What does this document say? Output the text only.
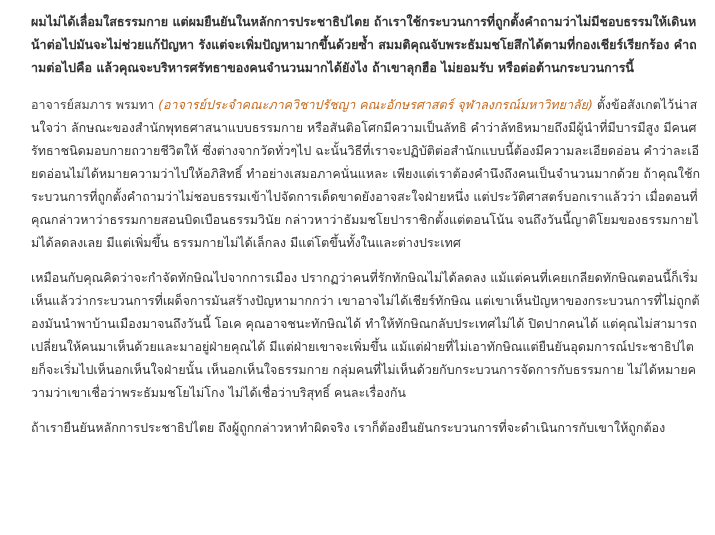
ผมไม่ได้เลื่อมใสธรรมกาย แต่ผมยืนยันในหลักการประชาธิปไตย ถ้าเราใช้กระบวนการที่ถูกตั้งคำถามว่าไม่มีชอบธรรมให้เดินหน้าต่อไปมันจะไม่ช่วยแก้ปัญหา รังแต่จะเพิ่มปัญหามากขึ้นด้วยซ้ำ สมมติคุณจับพระธัมมชโยสึกได้ตามที่กองเชียร์เรียกร้อง คำถามต่อไปคือ แล้วคุณจะบริหารศรัทธาของคนจำนวนมากได้ยังไง ถ้าเขาลุกฮือ ไม่ยอมรับ หรือต่อต้านกระบวนการนี้

อาจารย์สมภาร พรมทา (อาจารย์ประจำคณะภาควิชาปรัชญา คณะอักษรศาสตร์ จุฬาลงกรณ์มหาวิทยาลัย) ตั้งข้อสังเกตไว้น่าสนใจว่า ลักษณะของสำนักพุทธศาสนาแบบธรรมกาย หรือสันติอโศกมีความเป็นลัทธิ คำว่าลัทธิหมายถึงมีผู้นำที่มีบารมีสูง มีคนศรัทธาชนิดมอบกายถวายชีวิตให้ ซึ่งต่างจากวัดทั่วๆไป ฉะนั้นวิธีที่เราจะปฏิบัติต่อสำนักแบบนี้ต้องมีความละเอียดอ่อน คำว่าละเอียดอ่อนไม่ได้หมายความว่าไปให้อภิสิทธิ์ ทำอย่างเสมอภาคนั่นแหละ เพียงแต่เราต้องคำนึงถึงคนเป็นจำนวนมากด้วย ถ้าคุณใช้กระบวนการที่ถูกตั้งคำถามว่าไม่ชอบธรรมเข้าไปจัดการเด็ดขาดยังอาจสะใจฝ่ายหนึ่ง แต่ประวัติศาสตร์บอกเราแล้วว่า เมื่อตอนที่คุณกล่าวหาว่าธรรมกายสอนบิดเบือนธรรมวินัย กล่าวหาว่าธัมมชโยปาราชิกตั้งแต่ตอนโน้น จนถึงวันนี้ญาติโยมของธรรมกายไม่ได้ลดลงเลย มีแต่เพิ่มขึ้น ธรรมกายไม่ได้เล็กลง มีแต่โตขึ้นทั้งในและต่างประเทศ

เหมือนกับคุณคิดว่าจะกำจัดทักษิณไปจากการเมือง ปรากฏว่าคนที่รักทักษิณไม่ได้ลดลง แม้แต่คนที่เคยเกลียดทักษิณตอนนี้ก็เริ่มเห็นแล้วว่ากระบวนการที่เผด็จการมันสร้างปัญหามากกว่า เขาอาจไม่ได้เชียร์ทักษิณ แต่เขาเห็นปัญหาของกระบวนการที่ไม่ถูกต้องมันนำพาบ้านเมืองมาจนถึงวันนี้ โอเค คุณอาจชนะทักษิณได้ ทำให้ทักษิณกลับประเทศไม่ได้ ปิดปากคนได้ แต่คุณไม่สามารถเปลี่ยนให้คนมาเห็นด้วยและมาอยู่ฝ่ายคุณได้ มีแต่ฝ่ายเขาจะเพิ่มขึ้น แม้แต่ฝ่ายที่ไม่เอาทักษิณแต่ยืนยันอุดมการณ์ประชาธิปไตยก็จะเริ่มไปเห็นอกเห็นใจฝ่ายนั้น เห็นอกเห็นใจธรรมกาย กลุ่มคนที่ไม่เห็นด้วยกับกระบวนการจัดการกับธรรมกาย ไม่ได้หมายความว่าเขาเชื่อว่าพระธัมมชโยไม่โกง ไม่ได้เชื่อว่าบริสุทธิ์ คนละเรื่องกัน

ถ้าเรายืนยันหลักการประชาธิปไตย ถึงผู้ถูกกล่าวหาทำผิดจริง เราก็ต้องยืนยันกระบวนการที่จะดำเนินการกับเขาให้ถูกต้อง
